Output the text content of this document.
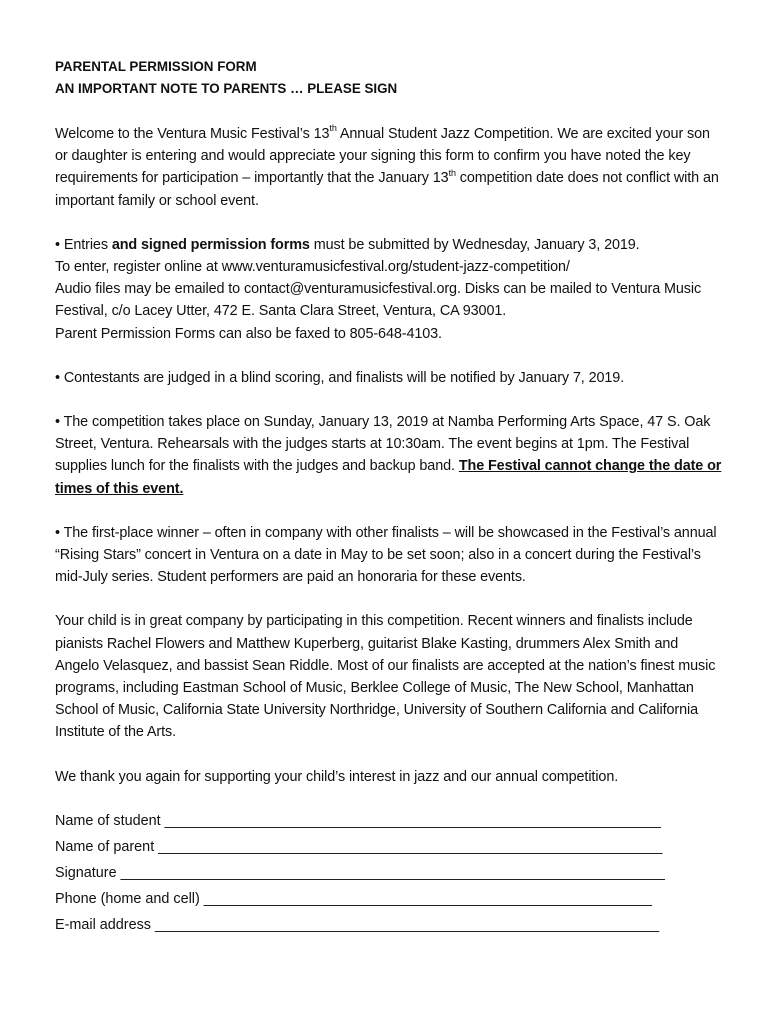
PARENTAL PERMISSION FORM
AN IMPORTANT NOTE TO PARENTS … PLEASE SIGN

Welcome to the Ventura Music Festival’s 13th Annual Student Jazz Competition. We are excited your son or daughter is entering and would appreciate your signing this form to confirm you have noted the key requirements for participation – importantly that the January 13th competition date does not conflict with an important family or school event.

• Entries and signed permission forms must be submitted by Wednesday, January 3, 2019.

To enter, register online at www.venturamusicfestival.org/student-jazz-competition/

Audio files may be emailed to contact@venturamusicfestival.org. Disks can be mailed to Ventura Music Festival, c/o Lacey Utter, 472 E. Santa Clara Street, Ventura, CA 93001.

Parent Permission Forms can also be faxed to 805-648-4103.

• Contestants are judged in a blind scoring, and finalists will be notified by January 7, 2019.

• The competition takes place on Sunday, January 13, 2019 at Namba Performing Arts Space, 47 S. Oak Street, Ventura. Rehearsals with the judges starts at 10:30am. The event begins at 1pm. The Festival supplies lunch for the finalists with the judges and backup band. The Festival cannot change the date or times of this event.

• The first-place winner – often in company with other finalists – will be showcased in the Festival’s annual “Rising Stars” concert in Ventura on a date in May to be set soon; also in a concert during the Festival’s mid-July series. Student performers are paid an honoraria for these events.

Your child is in great company by participating in this competition. Recent winners and finalists include pianists Rachel Flowers and Matthew Kuperberg, guitarist Blake Kasting, drummers Alex Smith and Angelo Velasquez, and bassist Sean Riddle. Most of our finalists are accepted at the nation’s finest music programs, including Eastman School of Music, Berklee College of Music, The New School, Manhattan School of Music, California State University Northridge, University of Southern California and California Institute of the Arts.

We thank you again for supporting your child’s interest in jazz and our annual competition.

Name of student ______________________________________________________________
Name of parent _______________________________________________________________
Signature ____________________________________________________________________
Phone (home and cell) ________________________________________________________
E-mail address _______________________________________________________________
